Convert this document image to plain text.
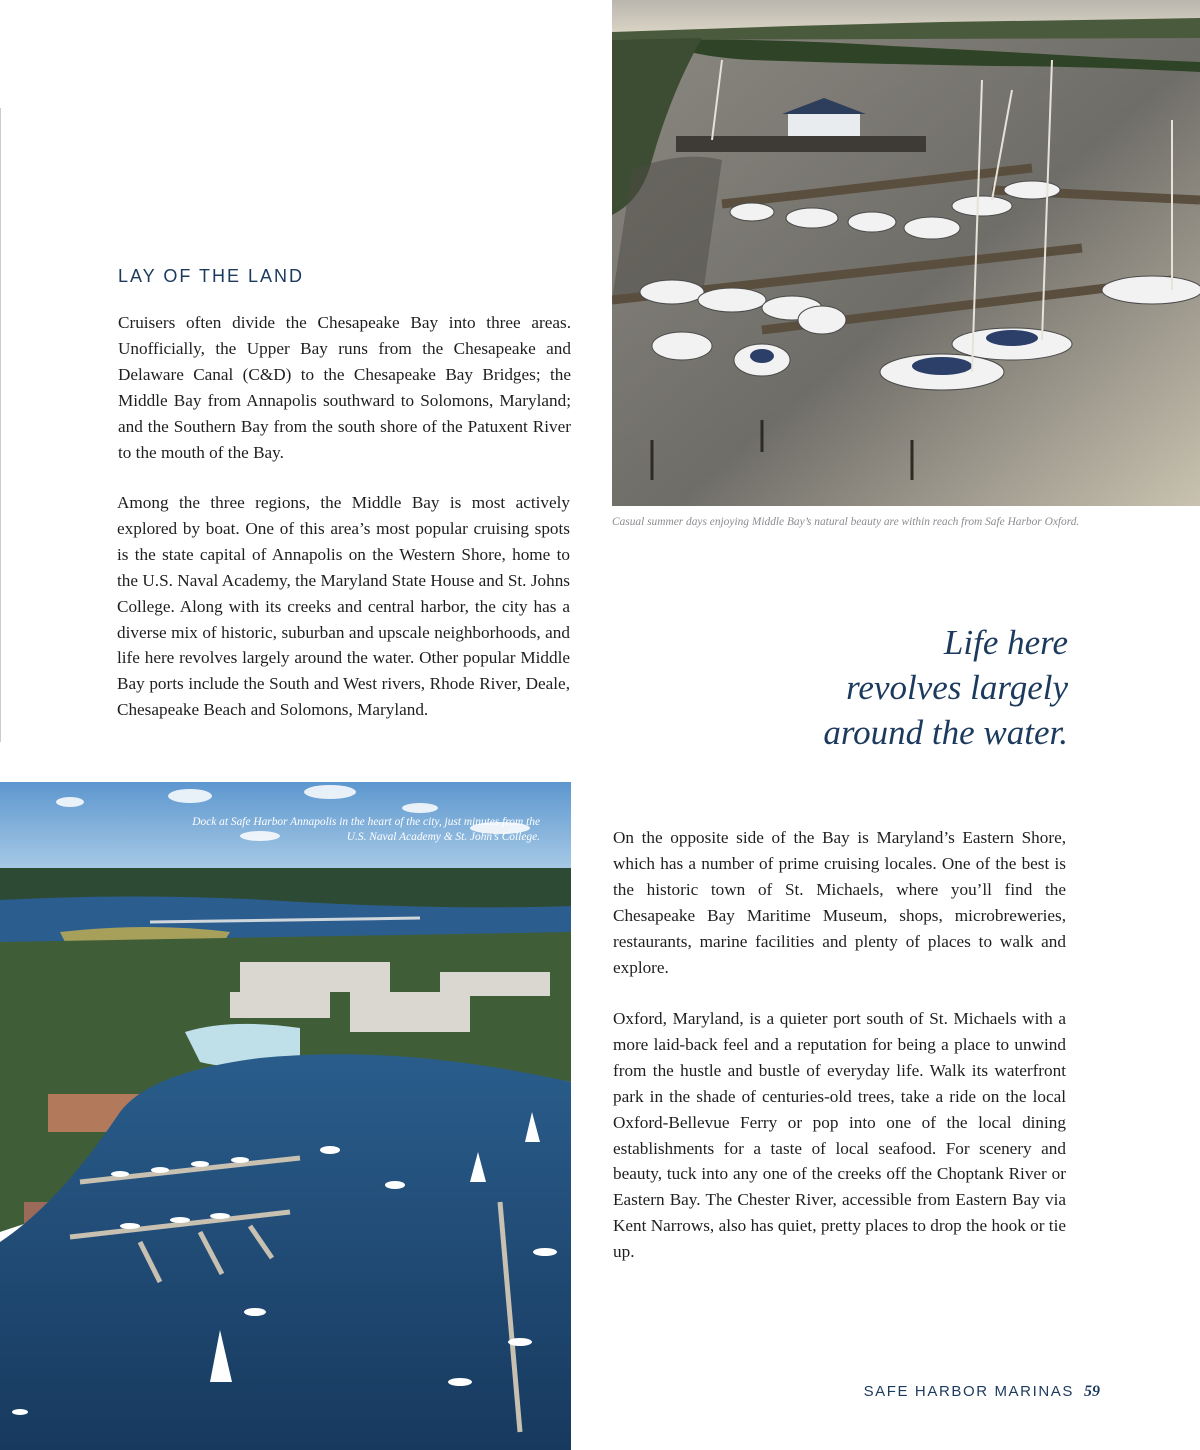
Casual summer days enjoying Middle Bay’s natural beauty are within reach from Safe Harbor Oxford.

LAY OF THE LAND

Cruisers often divide the Chesapeake Bay into three areas. Unofficially, the Upper Bay runs from the Chesapeake and Delaware Canal (C&D) to the Chesapeake Bay Bridges; the Middle Bay from Annapolis southward to Solomons, Maryland; and the Southern Bay from the south shore of the Patuxent River to the mouth of the Bay.

Among the three regions, the Middle Bay is most actively explored by boat. One of this area’s most popular cruising spots is the state capital of Annapolis on the Western Shore, home to the U.S. Naval Academy, the Maryland State House and St. Johns College. Along with its creeks and central harbor, the city has a diverse mix of historic, suburban and upscale neighborhoods, and life here revolves largely around the water. Other popular Middle Bay ports include the South and West rivers, Rhode River, Deale, Chesapeake Beach and Solomons, Maryland.

Life here
revolves largely
around the water.

Dock at Safe Harbor Annapolis in the heart of the city, just minutes from the U.S. Naval Academy & St. John’s College.	On the opposite side of the Bay is Maryland’s Eastern Shore, which has a number of prime cruising locales. One of the best is the historic town of St. Michaels, where you’ll find the Chesapeake Bay Maritime Museum, shops, microbreweries, restaurants, marine facilities and plenty of places to walk and explore.

Oxford, Maryland, is a quieter port south of St. Michaels with a more laid-back feel and a reputation for being a place to unwind from the hustle and bustle of everyday life. Walk its waterfront park in the shade of centuries-old trees, take a ride on the local Oxford-Bellevue Ferry or pop into one of the local dining establishments for a taste of local seafood. For scenery and beauty, tuck into any one of the creeks off the Choptank River or Eastern Bay. The Chester River, accessible from Eastern Bay via Kent Narrows, also has quiet, pretty places to drop the hook or tie up.

SAFE HARBOR MARINAS 59
